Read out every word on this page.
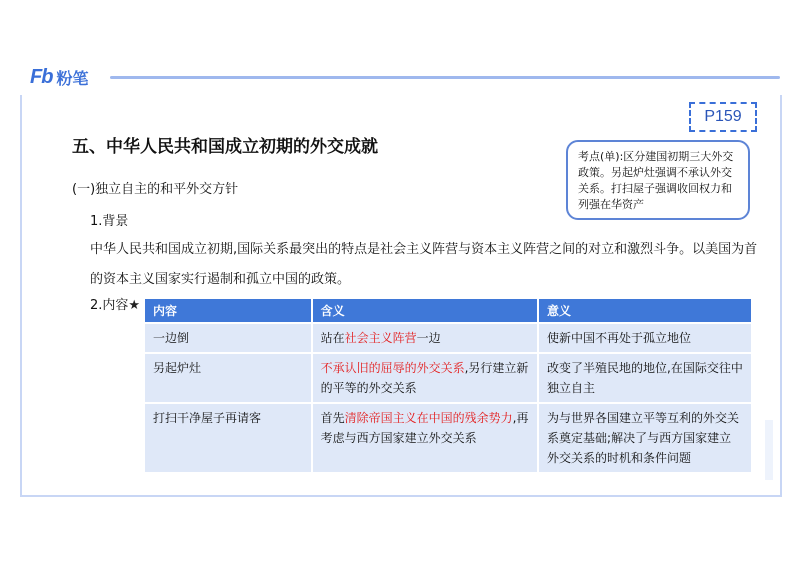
Fb 粉笔
P159
五、中华人民共和国成立初期的外交成就	考点(单):区分建国初期三大外交政策。另起炉灶强调不承认外交关系。打扫屋子强调收回权力和列强在华资产
(一)独立自主的和平外交方针
1.背景
中华人民共和国成立初期,国际关系最突出的特点是社会主义阵营与资本主义阵营之间的对立和激烈斗争。以美国为首的资本主义国家实行遏制和孤立中国的政策。
2.内容★ 内容	含义	意义
一边倒	站在社会主义阵营一边	使新中国不再处于孤立地位
另起炉灶	不承认旧的屈辱的外交关系,另行建立新的平等的外交关系	改变了半殖民地的地位,在国际交往中独立自主
打扫干净屋子再请客	首先清除帝国主义在中国的残余势力,再考虑与西方国家建立外交关系	为与世界各国建立平等互利的外交关系奠定基础;解决了与西方国家建立外交关系的时机和条件问题
